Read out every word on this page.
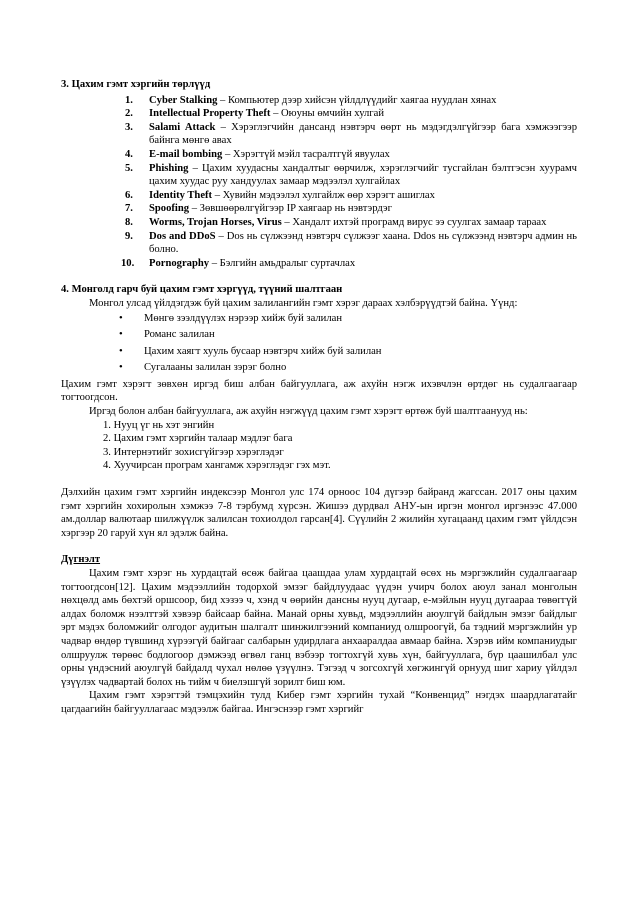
3. Цахим гэмт хэргийн төрлүүд

1. Cyber Stalking – Компьютер дээр хийсэн үйлдлүүдийг хаягаа нуудлан хянах
2. Intellectual Property Theft – Оюуны өмчийн хулгай
3. Salami Attack – Хэрэглэгчийн дансанд нэвтэрч өөрт нь мэдэгдэлгүйгээр бага хэмжээгээр байнга мөнгө авах
4. E-mail bombing – Хэрэгтүй мэйл тасралтгүй явуулах
5. Phishing – Цахим хуудасны хандалтыг өөрчилж, хэрэглэгчийг тусгайлан бэлтгэсэн хуурамч цахим хуудас руу хандуулах замаар мэдээлэл хулгайлах
6. Identity Theft – Хувийн мэдээлэл хулгайлж өөр хэрэгт ашиглах
7. Spoofing – Зөвшөөрөлгүйгээр IP хаягаар нь нэвтэрдэг
8. Worms, Trojan Horses, Virus – Хандалт ихтэй програмд вирус ээ суулгах замаар тараах
9. Dos and DDoS – Dos нь сүлжээнд нэвтэрч сүлжээг хаана. Ddos нь сүлжээнд нэвтэрч админ нь болно.
10. Pornography – Бэлгийн амьдралыг суртачлах

4. Монголд гарч буй цахим гэмт хэргүүд, түүний шалтгаан

Монгол улсад үйлдэгдэж буй цахим залилангийн гэмт хэрэг дараах хэлбэрүүдтэй байна. Үүнд:

• Мөнгө зээлдүүлэх нэрээр хийж буй залилан
• Романс залилан
• Цахим хаягт хууль бусаар нэвтэрч хийж буй залилан
• Сугалааны залилан зэрэг болно

Цахим гэмт хэрэгт зөвхөн иргэд биш албан байгууллага, аж ахуйн нэгж ихэвчлэн өртдөг нь судалгаагаар тогтоогдсон.

Иргэд болон албан байгууллага, аж ахуйн нэгжүүд цахим гэмт хэрэгт өртөж буй шалтгаанууд нь:

1. Нууц үг нь хэт энгийн
2. Цахим гэмт хэргийн талаар мэдлэг бага
3. Интернэтийг зохисгүйгээр хэрэглэдэг
4. Хуучирсан програм хангамж хэрэглэдэг гэх мэт.

Дэлхийн цахим гэмт хэргийн индексээр Монгол улс 174 орноос 104 дүгээр байранд жагссан. 2017 оны цахим гэмт хэргийн хохиролын хэмжээ 7-8 тэрбумд хүрсэн. Жишээ дурдвал АНУ-ын иргэн монгол иргэнээс 47.000 ам.доллар валютаар шилжүүлж залилсан тохиолдол гарсан[4]. Сүүлийн 2 жилийн хугацаанд цахим гэмт үйлдсэн хэргээр 20 гаруй хүн ял эдэлж байна.

Дүгнэлт

Цахим гэмт хэрэг нь хурдацтай өсөж байгаа цаашдаа улам хурдацтай өсөх нь мэргэжлийн судалгаагаар тогтоогдсон[12]. Цахим мэдээллийн тодорхой эмзэг байдлуудаас үүдэн учирч болох аюул занал монголын нөхцөлд амь бөхтэй оршсоор, бид хэзээ ч, хэнд ч өөрийн дансны нууц дугаар, е-мэйлын нууц дугаараа төвөггүй алдах боломж нээлттэй хэвээр байсаар байна. Манай орны хувьд, мэдээллийн аюулгүй байдлын эмзэг байдлыг эрт мэдэх боломжийг олгодог аудитын шалгалт шинжилгээний компаниуд олшроогүй, ба тэдний мэргэжлийн ур чадвар өндөр түвшинд хүрээгүй байгааг салбарын удирдлага анхааралдаа авмаар байна. Хэрэв ийм компаниудыг олшруулж төрөөс бодлогоор дэмжээд өгвөл ганц вэбээр тогтохгүй хувь хүн, байгууллага, бүр цаашилбал улс орны үндэсний аюулгүй байдалд чухал нөлөө үзүүлнэ. Тэгээд ч зогсохгүй хөгжингүй орнууд шиг хариу үйлдэл үзүүлэх чадвартай болох нь тийм ч биелэшгүй зорилт биш юм.

Цахим гэмт хэрэгтэй тэмцэхийн тулд Кибер гэмт хэргийн тухай “Конвенцид” нэгдэх шаардлагатайг цагдаагийн байгууллагаас мэдээлж байгаа. Ингэснээр гэмт хэргийг
